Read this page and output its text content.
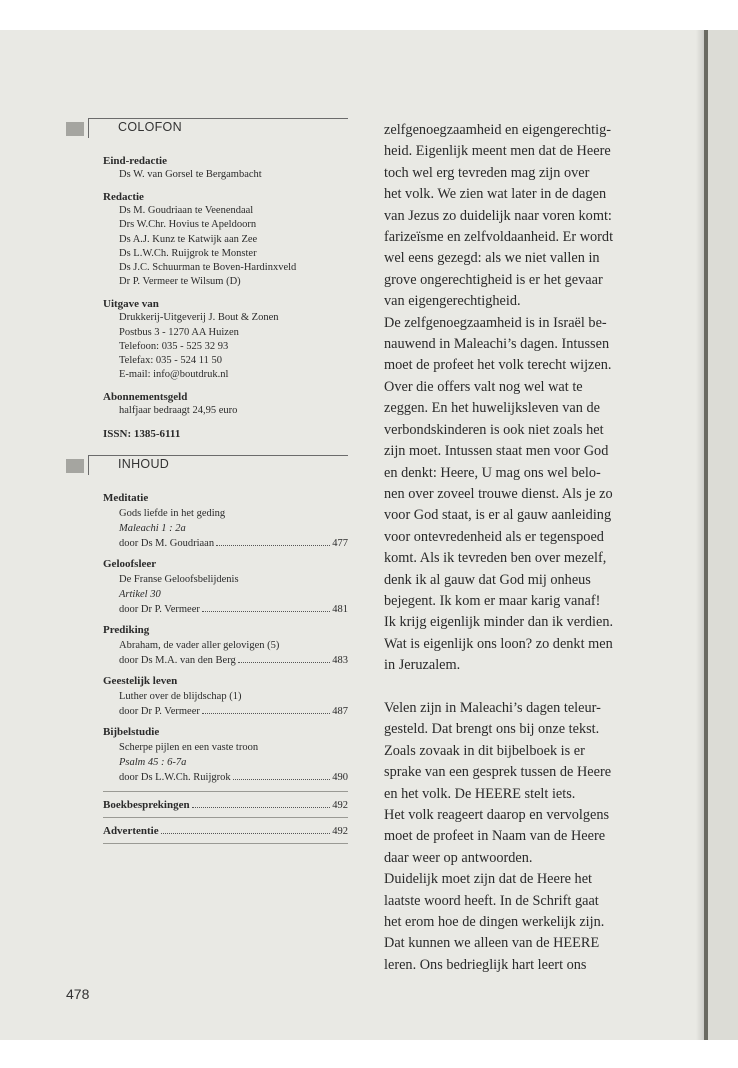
COLOFON
Eind-redactie
Ds W. van Gorsel te Bergambacht
Redactie
Ds M. Goudriaan te Veenendaal
Drs W.Chr. Hovius te Apeldoorn
Ds A.J. Kunz te Katwijk aan Zee
Ds L.W.Ch. Ruijgrok te Monster
Ds J.C. Schuurman te Boven-Hardinxveld
Dr P. Vermeer te Wilsum (D)
Uitgave van
Drukkerij-Uitgeverij J. Bout & Zonen
Postbus 3 - 1270 AA Huizen
Telefoon: 035 - 525 32 93
Telefax: 035 - 524 11 50
E-mail: info@boutdruk.nl
Abonnementsgeld
halfjaar bedraagt 24,95 euro
ISSN: 1385-6111
INHOUD
Meditatie
Gods liefde in het geding
Maleachi 1 : 2a
door Ds M. Goudriaan	477
Geloofsleer
De Franse Geloofsbelijdenis
Artikel 30
door Dr P. Vermeer	481
Prediking
Abraham, de vader aller gelovigen (5)
door Ds M.A. van den Berg	483
Geestelijk leven
Luther over de blijdschap (1)
door Dr P. Vermeer	487
Bijbelstudie
Scherpe pijlen en een vaste troon
Psalm 45 : 6-7a
door Ds L.W.Ch. Ruijgrok	490
Boekbesprekingen	492
Advertentie	492
zelfgenoegzaamheid en eigengerechtig-
heid. Eigenlijk meent men dat de Heere
toch wel erg tevreden mag zijn over
het volk. We zien wat later in de dagen
van Jezus zo duidelijk naar voren komt:
farizeïsme en zelfvoldaanheid. Er wordt
wel eens gezegd: als we niet vallen in
grove ongerechtigheid is er het gevaar
van eigengerechtigheid.
De zelfgenoegzaamheid is in Israël be-
nauwend in Maleachi’s dagen. Intussen
moet de profeet het volk terecht wijzen.
Over die offers valt nog wel wat te
zeggen. En het huwelijksleven van de
verbondskinderen is ook niet zoals het
zijn moet. Intussen staat men voor God
en denkt: Heere, U mag ons wel belo-
nen over zoveel trouwe dienst. Als je zo
voor God staat, is er al gauw aanleiding
voor ontevredenheid als er tegenspoed
komt. Als ik tevreden ben over mezelf,
denk ik al gauw dat God mij onheus
bejegent. Ik kom er maar karig vanaf!
Ik krijg eigenlijk minder dan ik verdien.
Wat is eigenlijk ons loon? zo denkt men
in Jeruzalem.
Velen zijn in Maleachi’s dagen teleur-
gesteld. Dat brengt ons bij onze tekst.
Zoals zovaak in dit bijbelboek is er
sprake van een gesprek tussen de Heere
en het volk. De HEERE stelt iets.
Het volk reageert daarop en vervolgens
moet de profeet in Naam van de Heere
daar weer op antwoorden.
Duidelijk moet zijn dat de Heere het
laatste woord heeft. In de Schrift gaat
het erom hoe de dingen werkelijk zijn.
Dat kunnen we alleen van de HEERE
leren. Ons bedrieglijk hart leert ons
478
